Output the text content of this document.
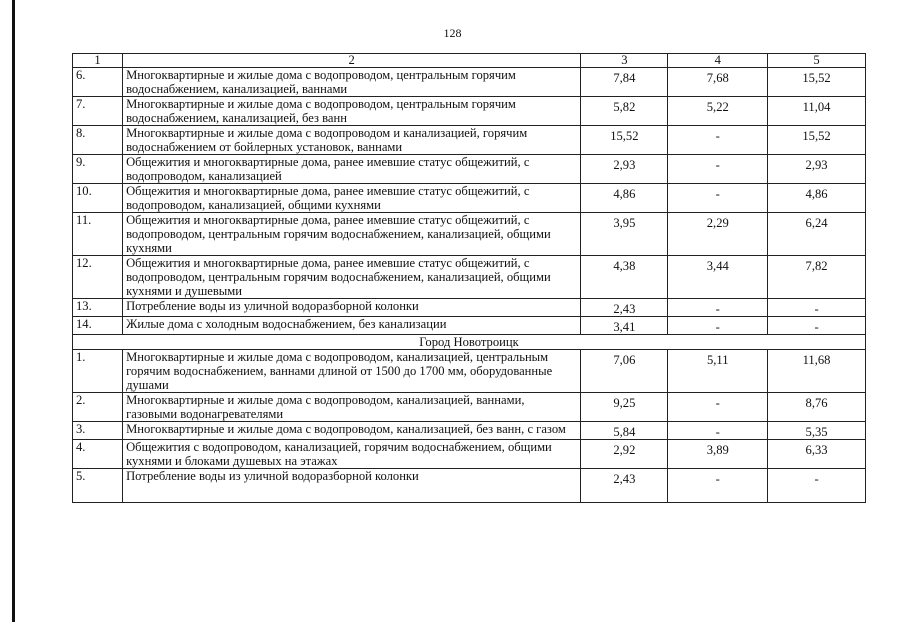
128
1	2	3	4	5
6.	Многоквартирные и жилые дома с водопроводом, центральным горячим водоснабжением, канализацией, ваннами	7,84	7,68	15,52
7.	Многоквартирные и жилые дома с водопроводом, центральным горячим водоснабжением, канализацией, без ванн	5,82	5,22	11,04
8.	Многоквартирные и жилые дома с водопроводом и канализацией, горячим водоснабжением от бойлерных установок, ваннами	15,52	-	15,52
9.	Общежития и многоквартирные дома, ранее имевшие статус общежитий, с водопроводом, канализацией	2,93	-	2,93
10.	Общежития и многоквартирные дома, ранее имевшие статус общежитий, с водопроводом, канализацией, общими кухнями	4,86	-	4,86
11.	Общежития и многоквартирные дома, ранее имевшие статус общежитий, с водопроводом, центральным горячим водоснабжением, канализацией, общими кухнями	3,95	2,29	6,24
12.	Общежития и многоквартирные дома, ранее имевшие статус общежитий, с водопроводом, центральным горячим водоснабжением, канализацией, общими кухнями и душевыми	4,38	3,44	7,82
13.	Потребление воды из уличной водоразборной колонки	2,43	-	-
14.	Жилые дома с холодным водоснабжением, без канализации	3,41	-	-
Город Новотроицк				
1.	Многоквартирные и жилые дома с водопроводом, канализацией, центральным горячим водоснабжением, ваннами длиной от 1500 до 1700 мм, оборудованные душами	7,06	5,11	11,68
2.	Многоквартирные и жилые дома с водопроводом, канализацией, ваннами, газовыми водонагревателями	9,25	-	8,76
3.	Многоквартирные и жилые дома с водопроводом, канализацией, без ванн, с газом	5,84	-	5,35
4.	Общежития с водопроводом, канализацией, горячим водоснабжением, общими кухнями и блоками душевых на этажах	2,92	3,89	6,33
5.	Потребление воды из уличной водоразборной колонки	2,43	-	-
